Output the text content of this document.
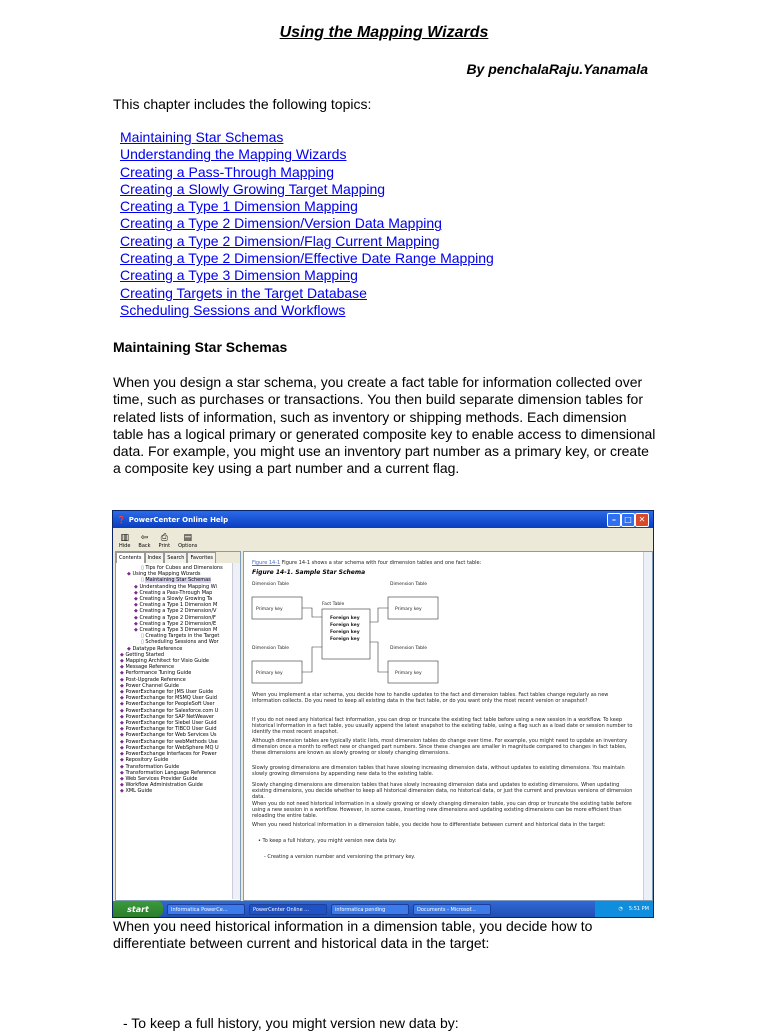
Using the Mapping Wizards
By penchalaRaju.Yanamala
This chapter includes the following topics:
Maintaining Star Schemas
Understanding the Mapping Wizards
Creating a Pass-Through Mapping
Creating a Slowly Growing Target Mapping
Creating a Type 1 Dimension Mapping
Creating a Type 2 Dimension/Version Data Mapping
Creating a Type 2 Dimension/Flag Current Mapping
Creating a Type 2 Dimension/Effective Date Range Mapping
Creating a Type 3 Dimension Mapping
Creating Targets in the Target Database
Scheduling Sessions and Workflows
Maintaining Star Schemas

When you design a star schema, you create a fact table for information collected over time, such as purchases or transactions. You then build separate dimension tables for related lists of information, such as inventory or shipping methods. Each dimension table has a logical primary or generated composite key to enable access to dimensional data. For example, you might use an inventory part number as a primary key, or create a composite key using a part number and a current flag.

❓ PowerCenter Online Help	–	□ ✕
▥
Hide
⇦
Back
⎙
Print
▤
Options
Contents	Index	Search	Favorites
▯ Tips for Cubes and Dimensions
◆ Using the Mapping Wizards
▯ Maintaining Star Schemas
◆ Understanding the Mapping Wi
◆ Creating a Pass-Through Map
◆ Creating a Slowly Growing Ta
◆ Creating a Type 1 Dimension M
◆ Creating a Type 2 Dimension/V
◆ Creating a Type 2 Dimension/F
◆ Creating a Type 2 Dimension/E
◆ Creating a Type 3 Dimension M
▯ Creating Targets in the Target
▯ Scheduling Sessions and Wor
◆ Datatype Reference
◆ Getting Started
◆ Mapping Architect for Visio Guide
◆ Message Reference
◆ Performance Tuning Guide
◆ Post-Upgrade Reference
◆ Power Channel Guide
◆ PowerExchange for JMS User Guide
◆ PowerExchange for MSMQ User Guid
◆ PowerExchange for PeopleSoft User
◆ PowerExchange for Salesforce.com U
◆ PowerExchange for SAP NetWeaver
◆ PowerExchange for Siebel User Guid
◆ PowerExchange for TIBCO User Guid
◆ PowerExchange for Web Services Us
◆ PowerExchange for webMethods Use
◆ PowerExchange for WebSphere MQ U
◆ PowerExchange Interfaces for Power
◆ Repository Guide
◆ Transformation Guide
◆ Transformation Language Reference
◆ Web Services Provider Guide
◆ Workflow Administration Guide
◆ XML Guide

Figure 14-1 Figure 14-1 shows a star schema with four dimension tables and one fact table:

Figure 14-1. Sample Star Schema
Dimension Table
Primary key
Dimension Table
Primary key
Dimension Table
Primary key
Dimension Table
Primary key
Fact Table
Foreign key
Foreign key
Foreign key
Foreign key

When you implement a star schema, you decide how to handle updates to the fact and dimension tables. Fact tables change regularly as new information collects. Do you need to keep all existing data in the fact table, or do you want only the most recent version or snapshot?

If you do not need any historical fact information, you can drop or truncate the existing fact table before using a new session in a workflow. To keep historical information in a fact table, you usually append the latest snapshot to the existing table, using a flag such as a load date or session number to identify the most recent snapshot.

Although dimension tables are typically static lists, most dimension tables do change over time. For example, you might need to update an inventory dimension once a month to reflect new or changed part numbers. Since these changes are smaller in magnitude compared to changes in fact tables, these dimensions are known as slowly growing or slowly changing dimensions.

Slowly growing dimensions are dimension tables that have slowing increasing dimension data, without updates to existing dimensions. You maintain slowly growing dimensions by appending new data to the existing table.

Slowly changing dimensions are dimension tables that have slowly increasing dimension data and updates to existing dimensions. When updating existing dimensions, you decide whether to keep all historical dimension data, no historical data, or just the current and previous versions of dimension data.

When you do not need historical information in a slowly growing or slowly changing dimension table, you can drop or truncate the existing table before using a new session in a workflow. However, in some cases, inserting new dimensions and updating existing dimensions can be more efficient than reloading the entire table.

When you need historical information in a dimension table, you decide how to differentiate between current and historical data in the target:

• To keep a full history, you might version new data by:

- Creating a version number and versioning the primary key.

start	Informatica PowerCe...	PowerCenter Online ...	informatica pending	Documents - Microsof...	◔ 5:51 PM

When you need historical information in a dimension table, you decide how to differentiate between current and historical data in the target:

- To keep a full history, you might version new data by:
